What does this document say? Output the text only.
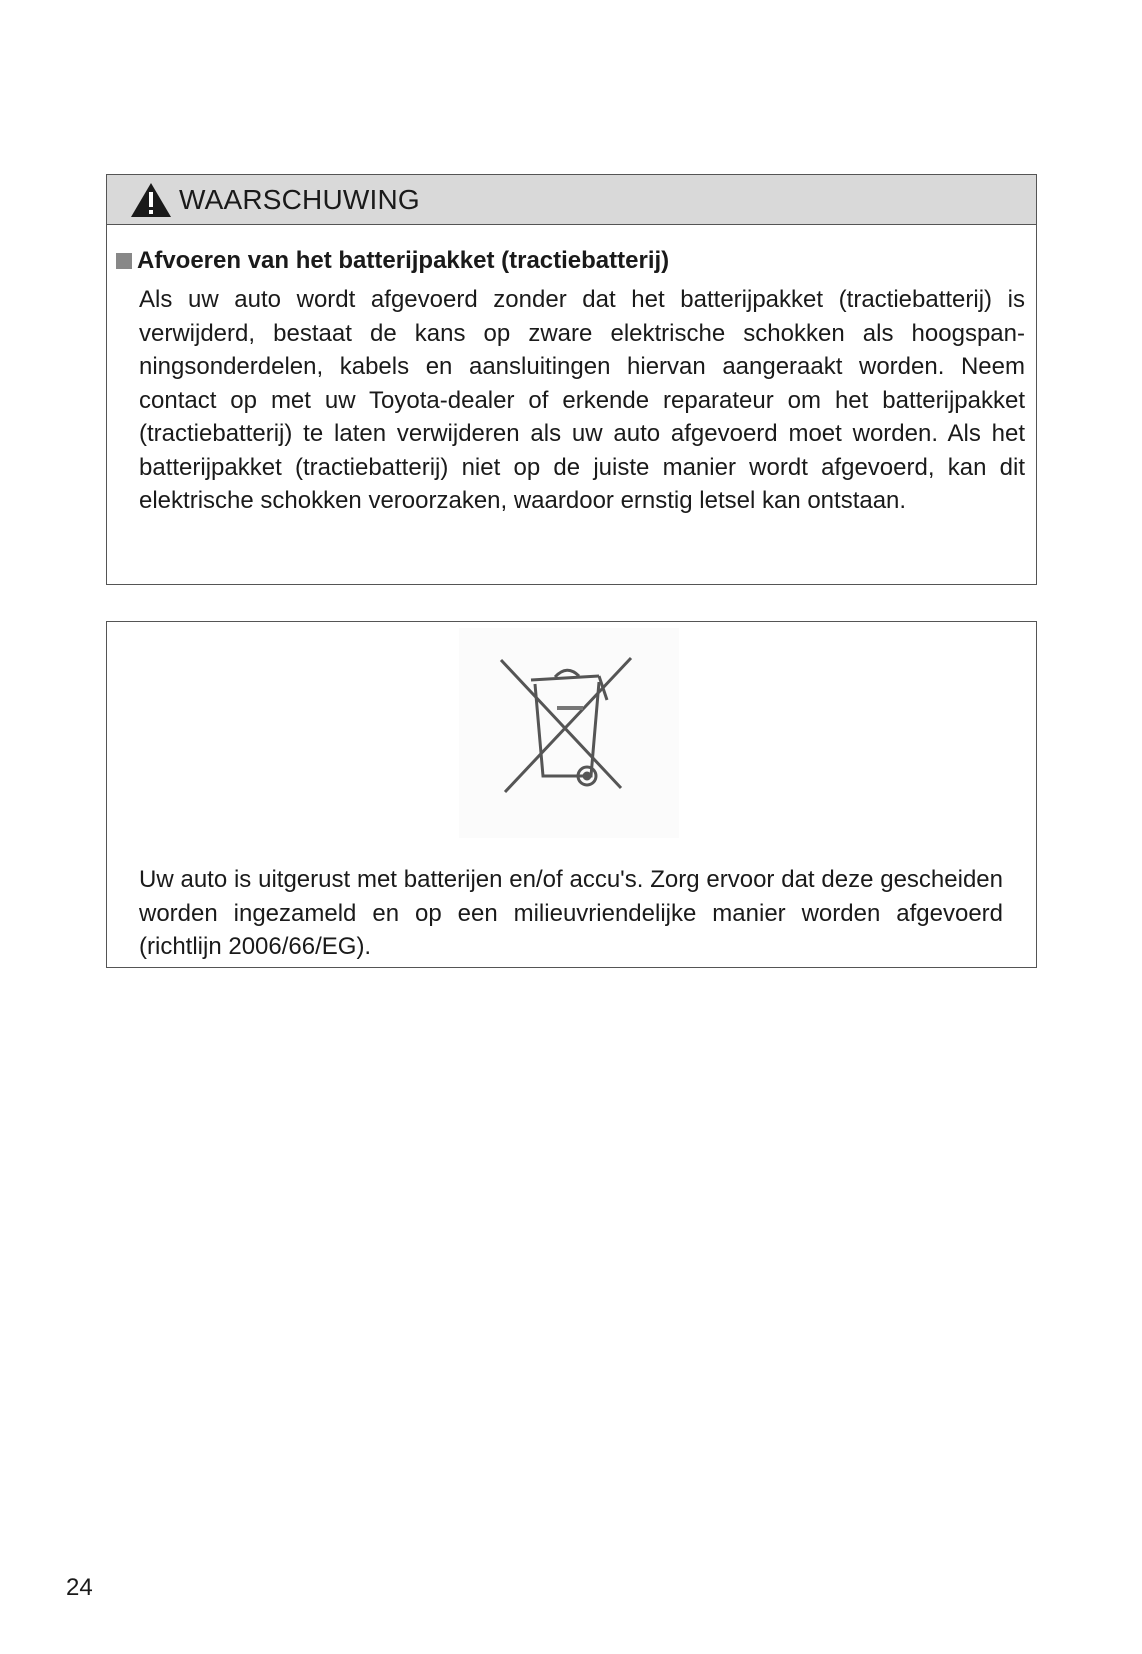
WAARSCHUWING
Afvoeren van het batterijpakket (tractiebatterij)

Als uw auto wordt afgevoerd zonder dat het batterijpakket (tractiebatterij) is verwijderd, bestaat de kans op zware elektrische schokken als hoogspanningsonderdelen, kabels en aansluitingen hiervan aangeraakt worden. Neem contact op met uw Toyota-dealer of erkende reparateur om het batterijpakket (tractiebatterij) te laten verwijderen als uw auto afgevoerd moet worden. Als het batterijpakket (tractiebatterij) niet op de juiste manier wordt afgevoerd, kan dit elektrische schokken veroorzaken, waardoor ernstig letsel kan ontstaan.

Uw auto is uitgerust met batterijen en/of accu's. Zorg ervoor dat deze gescheiden worden ingezameld en op een milieuvriendelijke manier worden afgevoerd (richtlijn 2006/66/EG).

24
